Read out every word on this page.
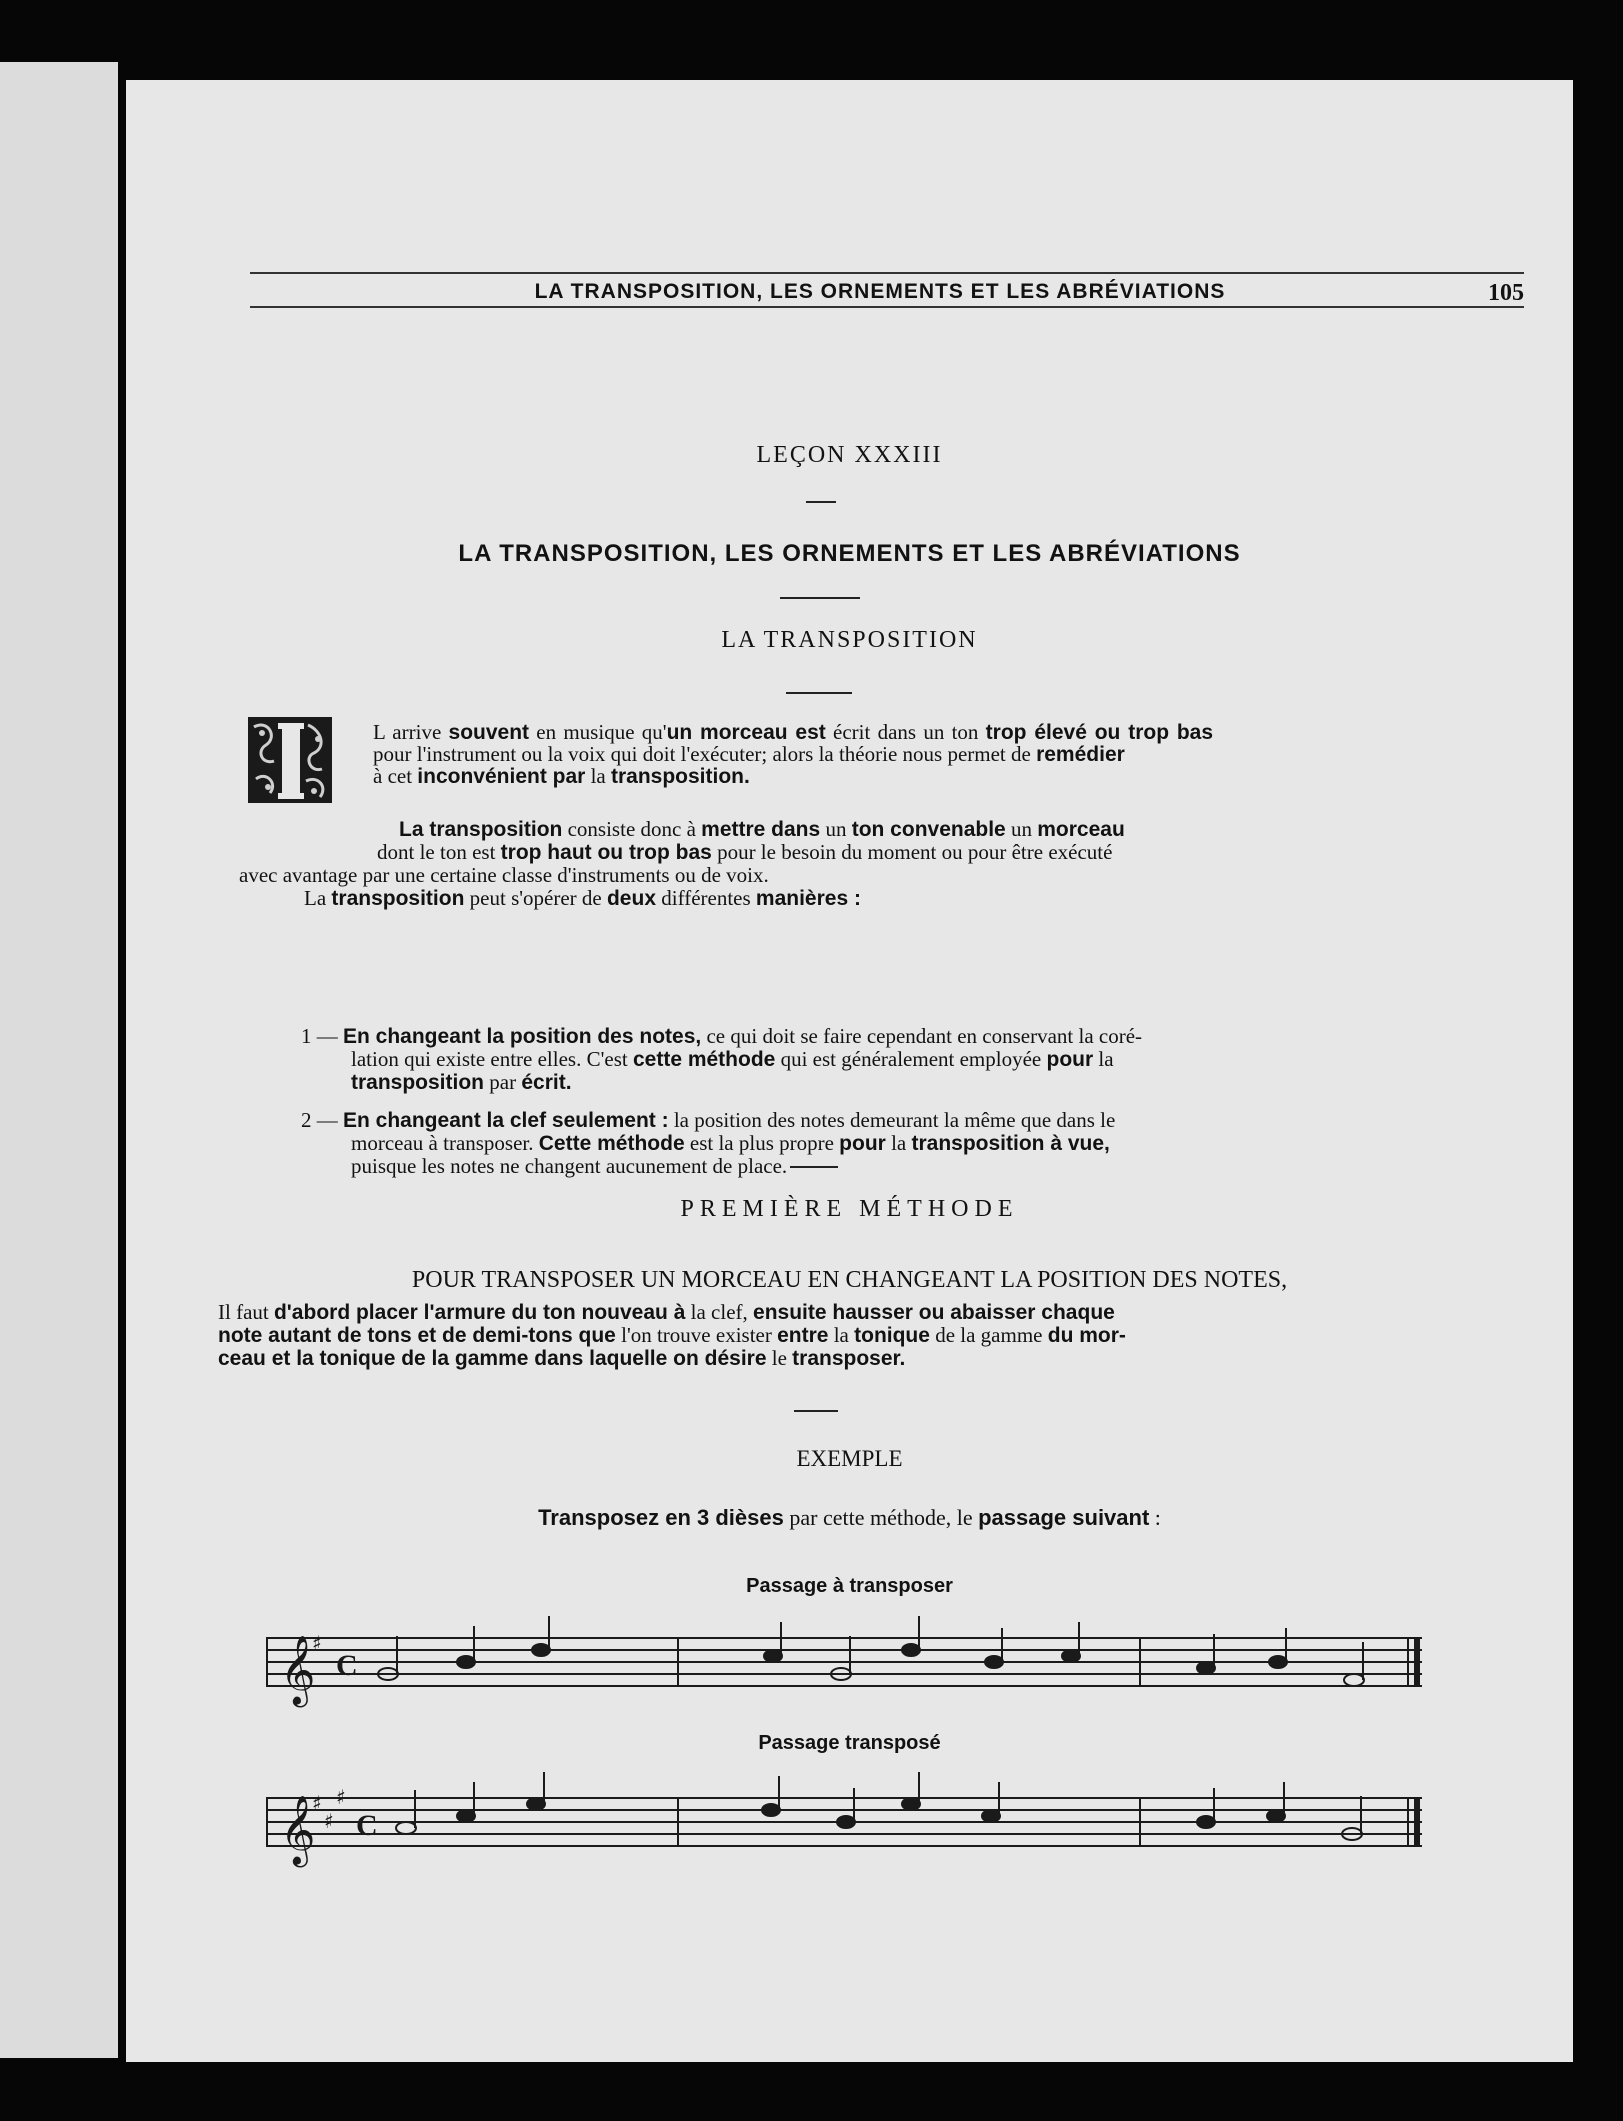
LA TRANSPOSITION, LES ORNEMENTS ET LES ABRÉVIATIONS	105
LEÇON XXXIII
LA TRANSPOSITION, LES ORNEMENTS ET LES ABRÉVIATIONS
LA TRANSPOSITION
L arrive souvent en musique qu'un morceau est écrit dans un ton trop élevé ou trop bas
pour l'instrument ou la voix qui doit l'exécuter; alors la théorie nous permet de remédier
à cet inconvénient par la transposition.
La transposition consiste donc à mettre dans un ton convenable un morceau
dont le ton est trop haut ou trop bas pour le besoin du moment ou pour être exécuté
avec avantage par une certaine classe d'instruments ou de voix.
La transposition peut s'opérer de deux différentes manières :
1 — En changeant la position des notes, ce qui doit se faire cependant en conservant la coré-
lation qui existe entre elles. C'est cette méthode qui est généralement employée pour la
transposition par écrit.
2 — En changeant la clef seulement : la position des notes demeurant la même que dans le
morceau à transposer. Cette méthode est la plus propre pour la transposition à vue,
puisque les notes ne changent aucunement de place.
PREMIÈRE MÉTHODE
POUR TRANSPOSER UN MORCEAU EN CHANGEANT LA POSITION DES NOTES,
Il faut d'abord placer l'armure du ton nouveau à la clef, ensuite hausser ou abaisser chaque
note autant de tons et de demi-tons que l'on trouve exister entre la tonique de la gamme du mor-
ceau et la tonique de la gamme dans laquelle on désire le transposer.
EXEMPLE
Transposez en 3 dièses par cette méthode, le passage suivant :
Passage à transposer
𝄞
♯
C
Passage transposé
𝄞
♯
♯
♯
C
